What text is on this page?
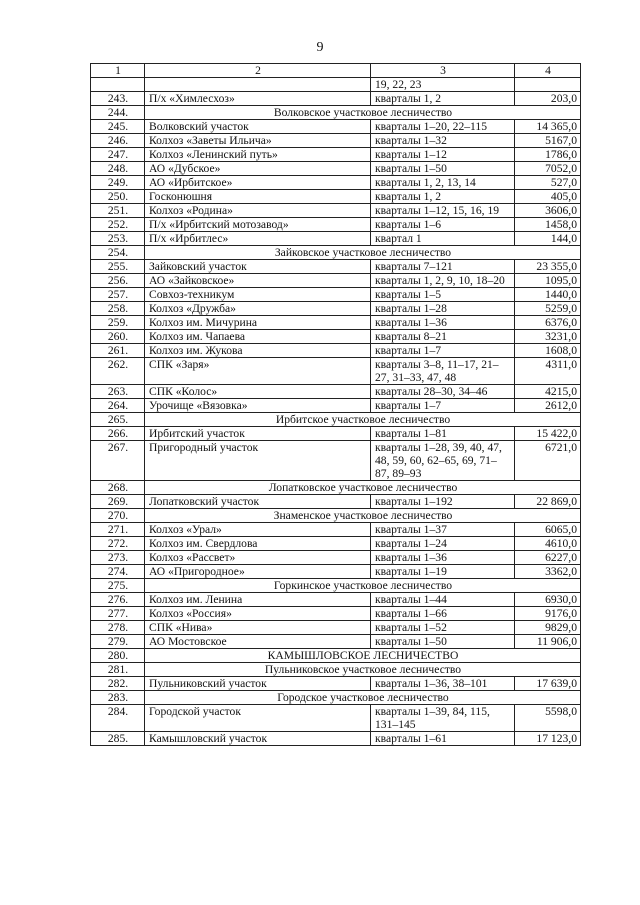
9
1	2	3	4
		19, 22, 23	
243.	П/х «Химлесхоз»	кварталы 1, 2	203,0
244.	Волковское участковое лесничество		
245.	Волковский участок	кварталы 1–20, 22–115	14 365,0
246.	Колхоз «Заветы Ильича»	кварталы 1–32	5167,0
247.	Колхоз «Ленинский путь»	кварталы 1–12	1786,0
248.	АО «Дубское»	кварталы 1–50	7052,0
249.	АО «Ирбитское»	кварталы 1, 2, 13, 14	527,0
250.	Госконюшня	кварталы 1, 2	405,0
251.	Колхоз «Родина»	кварталы 1–12, 15, 16, 19	3606,0
252.	П/х «Ирбитский мотозавод»	кварталы 1–6	1458,0
253.	П/х «Ирбитлес»	квартал 1	144,0
254.	Зайковское участковое лесничество		
255.	Зайковский участок	кварталы 7–121	23 355,0
256.	АО «Зайковское»	кварталы 1, 2, 9, 10, 18–20	1095,0
257.	Совхоз-техникум	кварталы 1–5	1440,0
258.	Колхоз «Дружба»	кварталы 1–28	5259,0
259.	Колхоз им. Мичурина	кварталы 1–36	6376,0
260.	Колхоз им. Чапаева	кварталы 8–21	3231,0
261.	Колхоз им. Жукова	кварталы 1–7	1608,0
262.	СПК «Заря»	кварталы 3–8, 11–17, 21–27, 31–33, 47, 48	4311,0
263.	СПК «Колос»	кварталы 28–30, 34–46	4215,0
264.	Урочище «Вязовка»	кварталы 1–7	2612,0
265.	Ирбитское участковое лесничество		
266.	Ирбитский участок	кварталы 1–81	15 422,0
267.	Пригородный участок	кварталы 1–28, 39, 40, 47, 48, 59, 60, 62–65, 69, 71–87, 89–93	6721,0
268.	Лопатковское участковое лесничество		
269.	Лопатковский участок	кварталы 1–192	22 869,0
270.	Знаменское участковое лесничество		
271.	Колхоз «Урал»	кварталы 1–37	6065,0
272.	Колхоз им. Свердлова	кварталы 1–24	4610,0
273.	Колхоз «Рассвет»	кварталы 1–36	6227,0
274.	АО «Пригородное»	кварталы 1–19	3362,0
275.	Горкинское участковое лесничество		
276.	Колхоз им. Ленина	кварталы 1–44	6930,0
277.	Колхоз «Россия»	кварталы 1–66	9176,0
278.	СПК «Нива»	кварталы 1–52	9829,0
279.	АО Мостовское	кварталы 1–50	11 906,0
280.	КАМЫШЛОВСКОЕ ЛЕСНИЧЕСТВО		
281.	Пульниковское участковое лесничество		
282.	Пульниковский участок	кварталы 1–36, 38–101	17 639,0
283.	Городское участковое лесничество		
284.	Городской участок	кварталы 1–39, 84, 115, 131–145	5598,0
285.	Камышловский участок	кварталы 1–61	17 123,0
